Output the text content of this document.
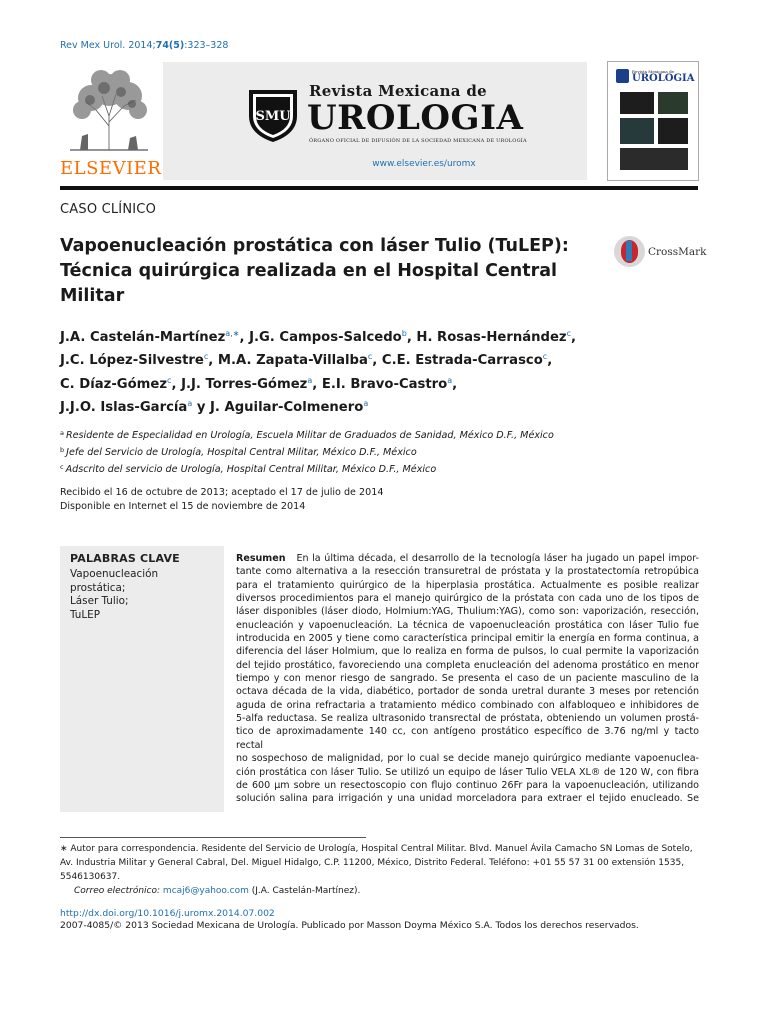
Rev Mex Urol. 2014;74(5):323–328
ELSEVIER
SMU
Revista Mexicana de
UROLOGIA
ÓRGANO OFICIAL DE DIFUSIÓN DE LA SOCIEDAD MEXICANA DE UROLOGÍA
www.elsevier.es/uromx
Revista Mexicana de
UROLOGIA
CASO CLÍNICO
Vapoenucleación prostática con láser Tulio (TuLEP): Técnica quirúrgica realizada en el Hospital Central Militar
CrossMark
J.A. Castelán-Martínez$^{a,∗}$, J.G. Campos-Salcedo$^b$, H. Rosas-Hernández$^c$,
J.C. López-Silvestre$^c$, M.A. Zapata-Villalba$^c$, C.E. Estrada-Carrasco$^c$,
C. Díaz-Gómez$^c$, J.J. Torres-Gómez$^a$, E.I. Bravo-Castro$^a$,
J.J.O. Islas-García$^a$ y J. Aguilar-Colmenero$^a$
$^a$ Residente de Especialidad en Urología, Escuela Militar de Graduados de Sanidad, México D.F., México
$^b$ Jefe del Servicio de Urología, Hospital Central Militar, México D.F., México
$^c$ Adscrito del servicio de Urología, Hospital Central Militar, México D.F., México
Recibido el 16 de octubre de 2013; aceptado el 17 de julio de 2014
Disponible en Internet el 15 de noviembre de 2014
PALABRAS CLAVE
Vapoenucleación
prostática;
Láser Tulio;
TuLEP
Resumen En la última década, el desarrollo de la tecnología láser ha jugado un papel impor-
tante como alternativa a la resección transuretral de próstata y la prostatectomía retropúbica
para el tratamiento quirúrgico de la hiperplasia prostática. Actualmente es posible realizar
diversos procedimientos para el manejo quirúrgico de la próstata con cada uno de los tipos de
láser disponibles (láser diodo, Holmium:YAG, Thulium:YAG), como son: vaporización, resección,
enucleación y vapoenucleación. La técnica de vapoenucleación prostática con láser Tulio fue
introducida en 2005 y tiene como característica principal emitir la energía en forma continua, a
diferencia del láser Holmium, que lo realiza en forma de pulsos, lo cual permite la vaporización
del tejido prostático, favoreciendo una completa enucleación del adenoma prostático en menor
tiempo y con menor riesgo de sangrado. Se presenta el caso de un paciente masculino de la
octava década de la vida, diabético, portador de sonda uretral durante 3 meses por retención
aguda de orina refractaria a tratamiento médico combinado con alfabloqueo e inhibidores de
5-alfa reductasa. Se realiza ultrasonido transrectal de próstata, obteniendo un volumen prostá-
tico de aproximadamente 140 cc, con antígeno prostático específico de 3.76 ng/ml y tacto rectal
no sospechoso de malignidad, por lo cual se decide manejo quirúrgico mediante vapoenuclea-
ción prostática con láser Tulio. Se utilizó un equipo de láser Tulio VELA XL® de 120 W, con fibra
de 600 μm sobre un resectoscopio con flujo continuo 26Fr para la vapoenucleación, utilizando
solución salina para irrigación y una unidad morceladora para extraer el tejido enucleado. Se
∗ Autor para correspondencia. Residente del Servicio de Urología, Hospital Central Militar. Blvd. Manuel Ávila Camacho SN Lomas de Sotelo,
Av. Industria Militar y General Cabral, Del. Miguel Hidalgo, C.P. 11200, México, Distrito Federal. Teléfono: +01 55 57 31 00 extensión 1535,
5546130637.
Correo electrónico: mcaj6@yahoo.com (J.A. Castelán-Martínez).
http://dx.doi.org/10.1016/j.uromx.2014.07.002
2007-4085/© 2013 Sociedad Mexicana de Urología. Publicado por Masson Doyma México S.A. Todos los derechos reservados.
